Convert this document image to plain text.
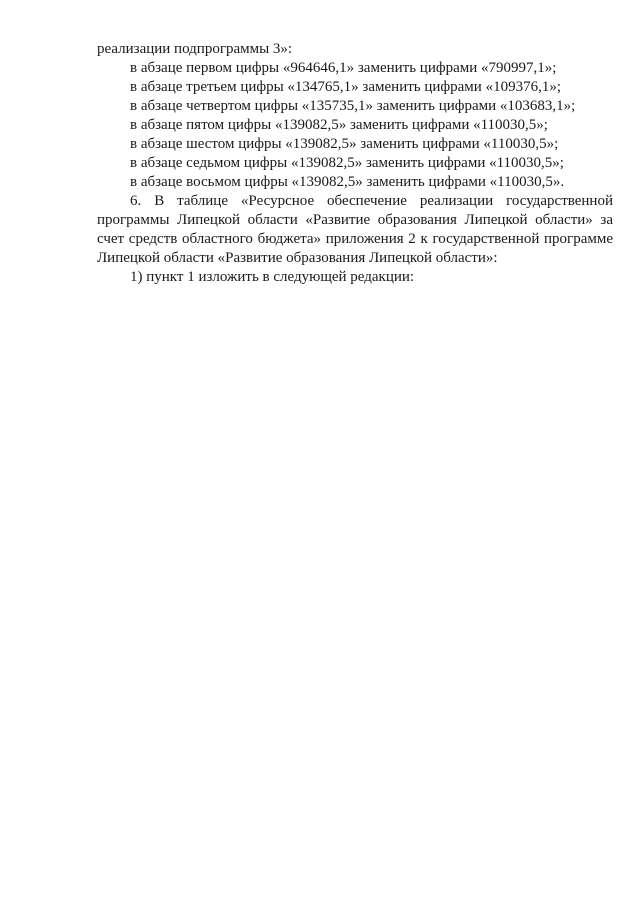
реализации подпрограммы 3»:
в абзаце первом цифры «964646,1» заменить цифрами «790997,1»;
в абзаце третьем цифры «134765,1» заменить цифрами «109376,1»;
в абзаце четвертом цифры «135735,1» заменить цифрами «103683,1»;
в абзаце пятом цифры «139082,5» заменить цифрами «110030,5»;
в абзаце шестом цифры «139082,5» заменить цифрами «110030,5»;
в абзаце седьмом цифры «139082,5» заменить цифрами «110030,5»;
в абзаце восьмом цифры «139082,5» заменить цифрами «110030,5».
6. В таблице «Ресурсное обеспечение реализации государственной
программы Липецкой области «Развитие образования Липецкой области» за
счет средств областного бюджета» приложения 2 к государственной программе
Липецкой области «Развитие образования Липецкой области»:
1) пункт 1 изложить в следующей редакции:
